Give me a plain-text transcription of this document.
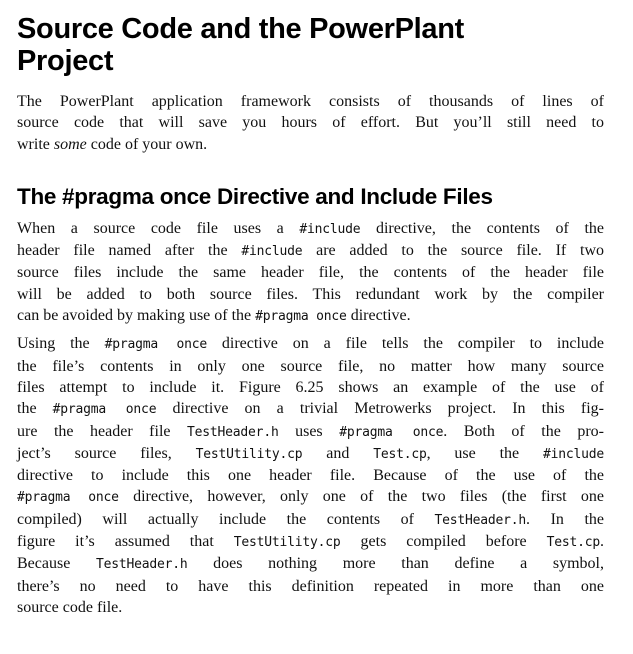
Source Code and the PowerPlant
Project

The PowerPlant application framework consists of thousands of lines of
source code that will save you hours of effort. But you’ll still need to
write some code of your own.

The #pragma once Directive and Include Files

When a source code file uses a #include directive, the contents of the
header file named after the #include are added to the source file. If two
source files include the same header file, the contents of the header file
will be added to both source files. This redundant work by the compiler
can be avoided by making use of the #pragma once directive.

Using the #pragma once directive on a file tells the compiler to include
the file’s contents in only one source file, no matter how many source
files attempt to include it. Figure 6.25 shows an example of the use of
the #pragma once directive on a trivial Metrowerks project. In this fig-
ure the header file TestHeader.h uses #pragma once. Both of the pro-
ject’s source files, TestUtility.cp and Test.cp, use the #include
directive to include this one header file. Because of the use of the
#pragma once directive, however, only one of the two files (the first one
compiled) will actually include the contents of TestHeader.h. In the
figure it’s assumed that TestUtility.cp gets compiled before Test.cp.
Because TestHeader.h does nothing more than define a symbol,
there’s no need to have this definition repeated in more than one
source code file.
